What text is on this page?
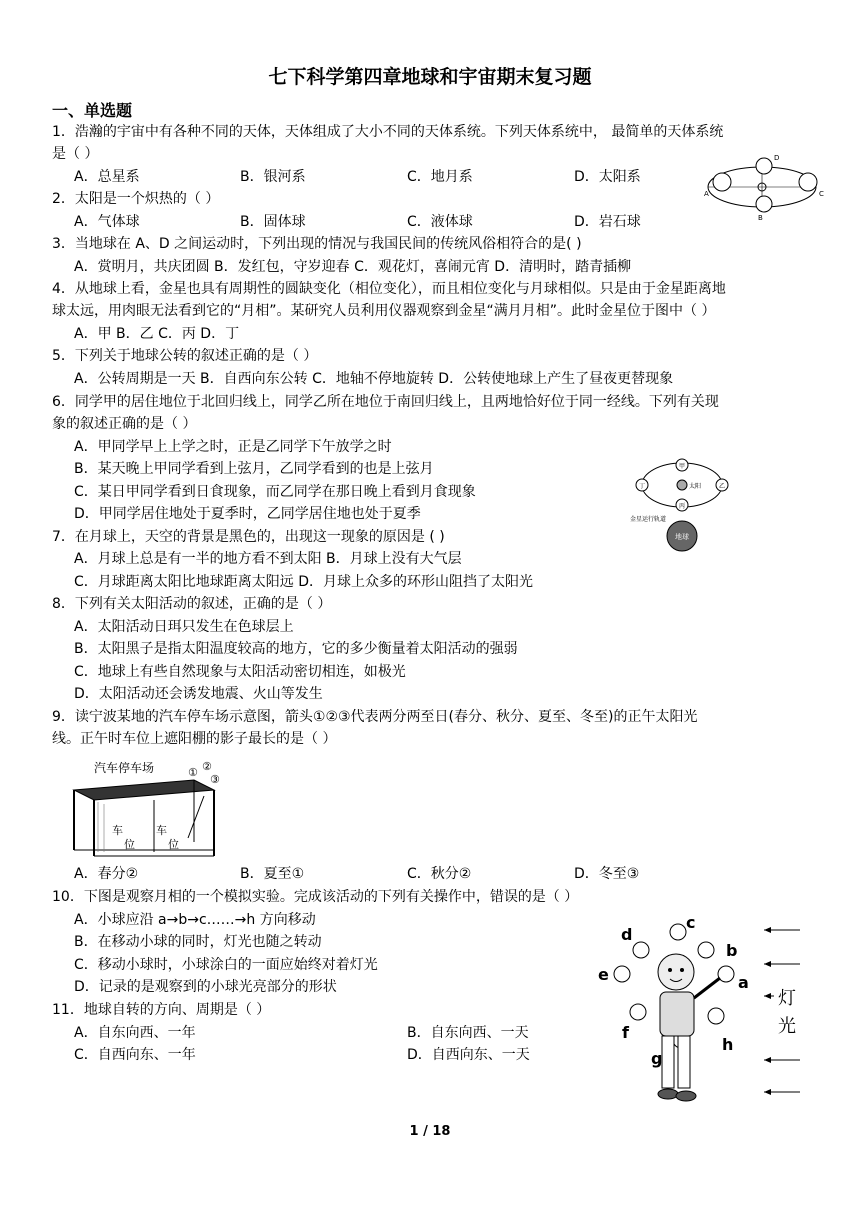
七下科学第四章地球和宇宙期末复习题
一、单选题
1．浩瀚的宇宙中有各种不同的天体，天体组成了大小不同的天体系统。下列天体系统中， 最简单的天体系统
是（ ）
A．总星系	B．银河系	C．地月系	D．太阳系
2．太阳是一个炽热的（ ）
A．气体球	B．固体球	C．液体球	D．岩石球
3．当地球在 A、D 之间运动时，下列出现的情况与我国民间的传统风俗相符合的是( )
A．赏明月，共庆团圆 B．发红包，守岁迎春 C．观花灯，喜闹元宵 D．清明时，踏青插柳
4．从地球上看，金星也具有周期性的圆缺变化（相位变化），而且相位变化与月球相似。只是由于金星距离地
球太远，用肉眼无法看到它的“月相”。某研究人员利用仪器观察到金星“满月月相”。此时金星位于图中（ ）
A．甲 B．乙 C．丙 D．丁
5．下列关于地球公转的叙述正确的是（ ）
A．公转周期是一天 B．自西向东公转 C．地轴不停地旋转 D．公转使地球上产生了昼夜更替现象
6．同学甲的居住地位于北回归线上，同学乙所在地位于南回归线上，且两地恰好位于同一经线。下列有关现
象的叙述正确的是（ ）
A．甲同学早上上学之时，正是乙同学下午放学之时
B．某天晚上甲同学看到上弦月，乙同学看到的也是上弦月
C．某日甲同学看到日食现象，而乙同学在那日晚上看到月食现象
D．甲同学居住地处于夏季时，乙同学居住地也处于夏季
7．在月球上，天空的背景是黑色的，出现这一现象的原因是 ( )
A．月球上总是有一半的地方看不到太阳 B．月球上没有大气层
C．月球距离太阳比地球距离太阳远 D．月球上众多的环形山阻挡了太阳光
8．下列有关太阳活动的叙述，正确的是（ ）
A．太阳活动日珥只发生在色球层上
B．太阳黑子是指太阳温度较高的地方，它的多少衡量着太阳活动的强弱
C．地球上有些自然现象与太阳活动密切相连，如极光
D．太阳活动还会诱发地震、火山等发生
9．读宁波某地的汽车停车场示意图，箭头①②③代表两分两至日(春分、秋分、夏至、冬至)的正午太阳光
线。正午时车位上遮阳棚的影子最长的是（ ）
A．春分②	B．夏至①	C．秋分②	D．冬至③
10．下图是观察月相的一个模拟实验。完成该活动的下列有关操作中，错误的是（ ）
A．小球应沿 a→b→c……→h 方向移动
B．在移动小球的同时，灯光也随之转动
C．移动小球时，小球涂白的一面应始终对着灯光
D．记录的是观察到的小球光亮部分的形状
11．地球自转的方向、周期是（ ）
A．自东向西、一年	B．自东向西、一天
C．自西向东、一年	D．自西向东、一天
A
B
C
D
甲
乙
丙
丁	太阳
金星运行轨道
地球
汽车停车场	① ②
③
车
位
车
位
d
c
b
a
e
f
g
h
灯
光
1 / 18
